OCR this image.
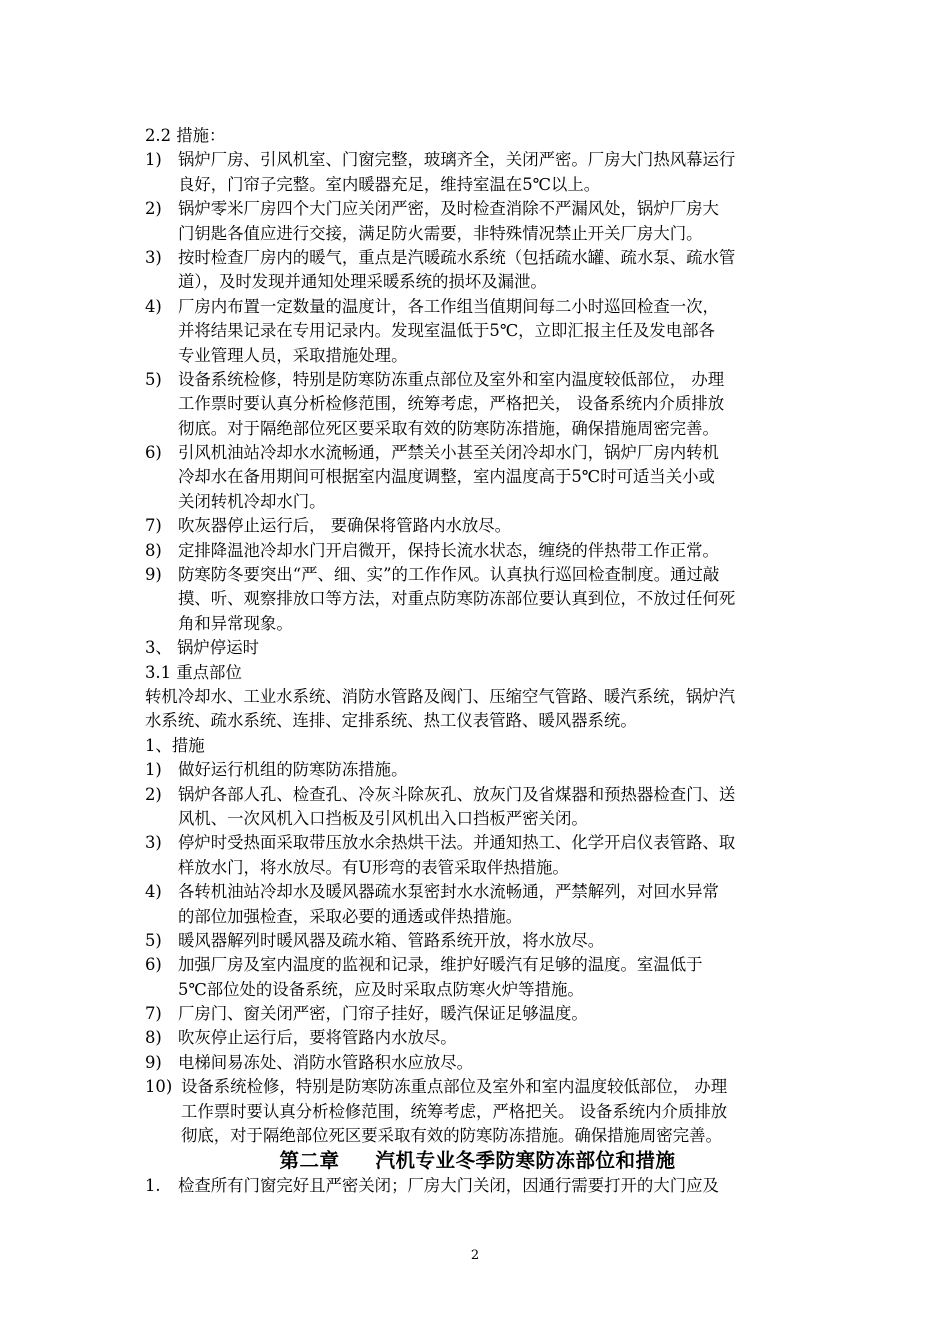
2.2 措施：
1) 锅炉厂房、引风机室、门窗完整，玻璃齐全，关闭严密。厂房大门热风幕运行
良好，门帘子完整。室内暖器充足，维持室温在5℃以上。
2) 锅炉零米厂房四个大门应关闭严密，及时检查消除不严漏风处，锅炉厂房大
门钥匙各值应进行交接，满足防火需要，非特殊情况禁止开关厂房大门。
3) 按时检查厂房内的暖气，重点是汽暖疏水系统（包括疏水罐、疏水泵、疏水管
道），及时发现并通知处理采暖系统的损坏及漏泄。
4) 厂房内布置一定数量的温度计，各工作组当值期间每二小时巡回检查一次，
并将结果记录在专用记录内。发现室温低于5℃，立即汇报主任及发电部各
专业管理人员，采取措施处理。
5) 设备系统检修，特别是防寒防冻重点部位及室外和室内温度较低部位， 办理
工作票时要认真分析检修范围，统筹考虑，严格把关， 设备系统内介质排放
彻底。对于隔绝部位死区要采取有效的防寒防冻措施，确保措施周密完善。
6) 引风机油站冷却水水流畅通，严禁关小甚至关闭冷却水门，锅炉厂房内转机
冷却水在备用期间可根据室内温度调整，室内温度高于5℃时可适当关小或
关闭转机冷却水门。
7) 吹灰器停止运行后， 要确保将管路内水放尽。
8) 定排降温池冷却水门开启微开，保持长流水状态，缠绕的伴热带工作正常。
9) 防寒防冬要突出“严、细、实”的工作作风。认真执行巡回检查制度。通过敲
摸、听、观察排放口等方法，对重点防寒防冻部位要认真到位，不放过任何死
角和异常现象。
3、 锅炉停运时
3.1 重点部位
转机冷却水、工业水系统、消防水管路及阀门、压缩空气管路、暖汽系统，锅炉汽
水系统、疏水系统、连排、定排系统、热工仪表管路、暖风器系统。
1、措施
1) 做好运行机组的防寒防冻措施。
2) 锅炉各部人孔、检查孔、冷灰斗除灰孔、放灰门及省煤器和预热器检查门、送
风机、一次风机入口挡板及引风机出入口挡板严密关闭。
3) 停炉时受热面采取带压放水余热烘干法。并通知热工、化学开启仪表管路、取
样放水门，将水放尽。有U形弯的表管采取伴热措施。
4) 各转机油站冷却水及暖风器疏水泵密封水水流畅通，严禁解列，对回水异常
的部位加强检查，采取必要的通透或伴热措施。
5) 暖风器解列时暖风器及疏水箱、管路系统开放，将水放尽。
6) 加强厂房及室内温度的监视和记录，维护好暖汽有足够的温度。室温低于
5℃部位处的设备系统，应及时采取点防寒火炉等措施。
7) 厂房门、窗关闭严密，门帘子挂好，暖汽保证足够温度。
8) 吹灰停止运行后，要将管路内水放尽。
9) 电梯间易冻处、消防水管路积水应放尽。
10) 设备系统检修，特别是防寒防冻重点部位及室外和室内温度较低部位， 办理
工作票时要认真分析检修范围，统筹考虑，严格把关。 设备系统内介质排放
彻底，对于隔绝部位死区要采取有效的防寒防冻措施。确保措施周密完善。
第二章 汽机专业冬季防寒防冻部位和措施
1. 检查所有门窗完好且严密关闭；厂房大门关闭，因通行需要打开的大门应及
2
